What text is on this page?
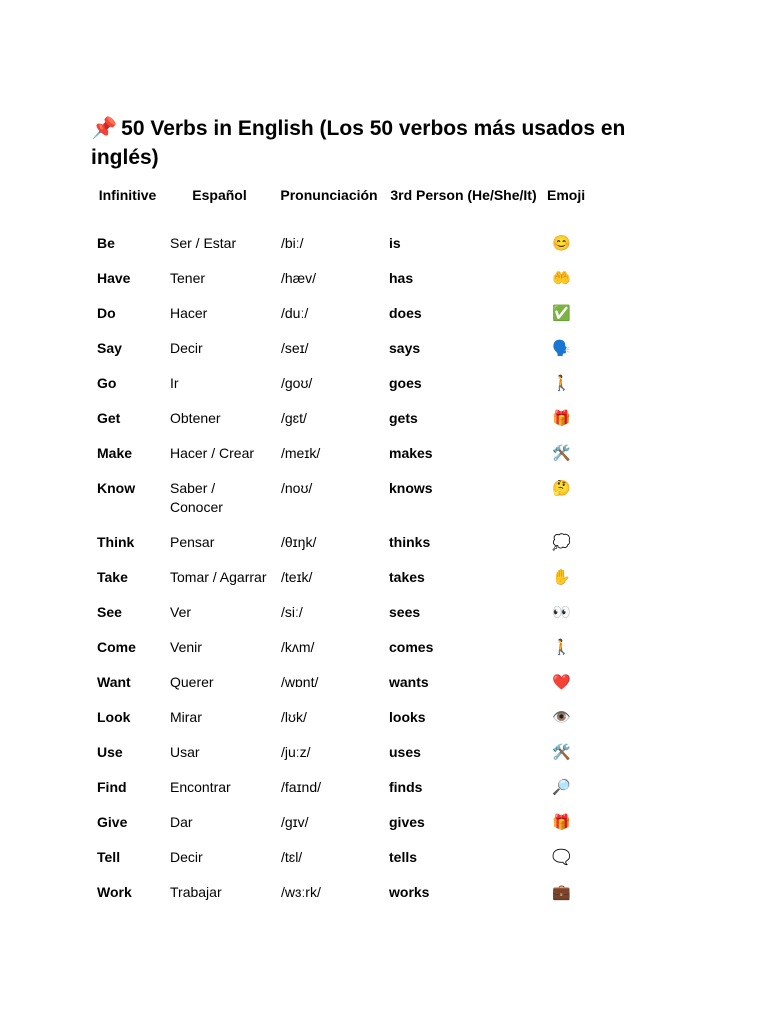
📌 50 Verbs in English (Los 50 verbos más usados en inglés)
Infinitive	Español	Pronunciación	3rd Person (He/She/It)	Emoji
Be	Ser / Estar	/biː/	is	😊
Have	Tener	/hæv/	has	🤲
Do	Hacer	/duː/	does	✅
Say	Decir	/seɪ/	says	🗣️
Go	Ir	/goʊ/	goes	🚶
Get	Obtener	/gɛt/	gets	🎁
Make	Hacer / Crear	/meɪk/	makes	🛠️
Know	Saber / Conocer	/noʊ/	knows	🤔
Think	Pensar	/θɪŋk/	thinks	💭
Take	Tomar / Agarrar	/teɪk/	takes	✋
See	Ver	/siː/	sees	👀
Come	Venir	/kʌm/	comes	🚶
Want	Querer	/wɒnt/	wants	❤️
Look	Mirar	/lʊk/	looks	👁️
Use	Usar	/juːz/	uses	🛠️
Find	Encontrar	/faɪnd/	finds	🔎
Give	Dar	/gɪv/	gives	🎁
Tell	Decir	/tɛl/	tells	🗨️
Work	Trabajar	/wɜːrk/	works	💼
